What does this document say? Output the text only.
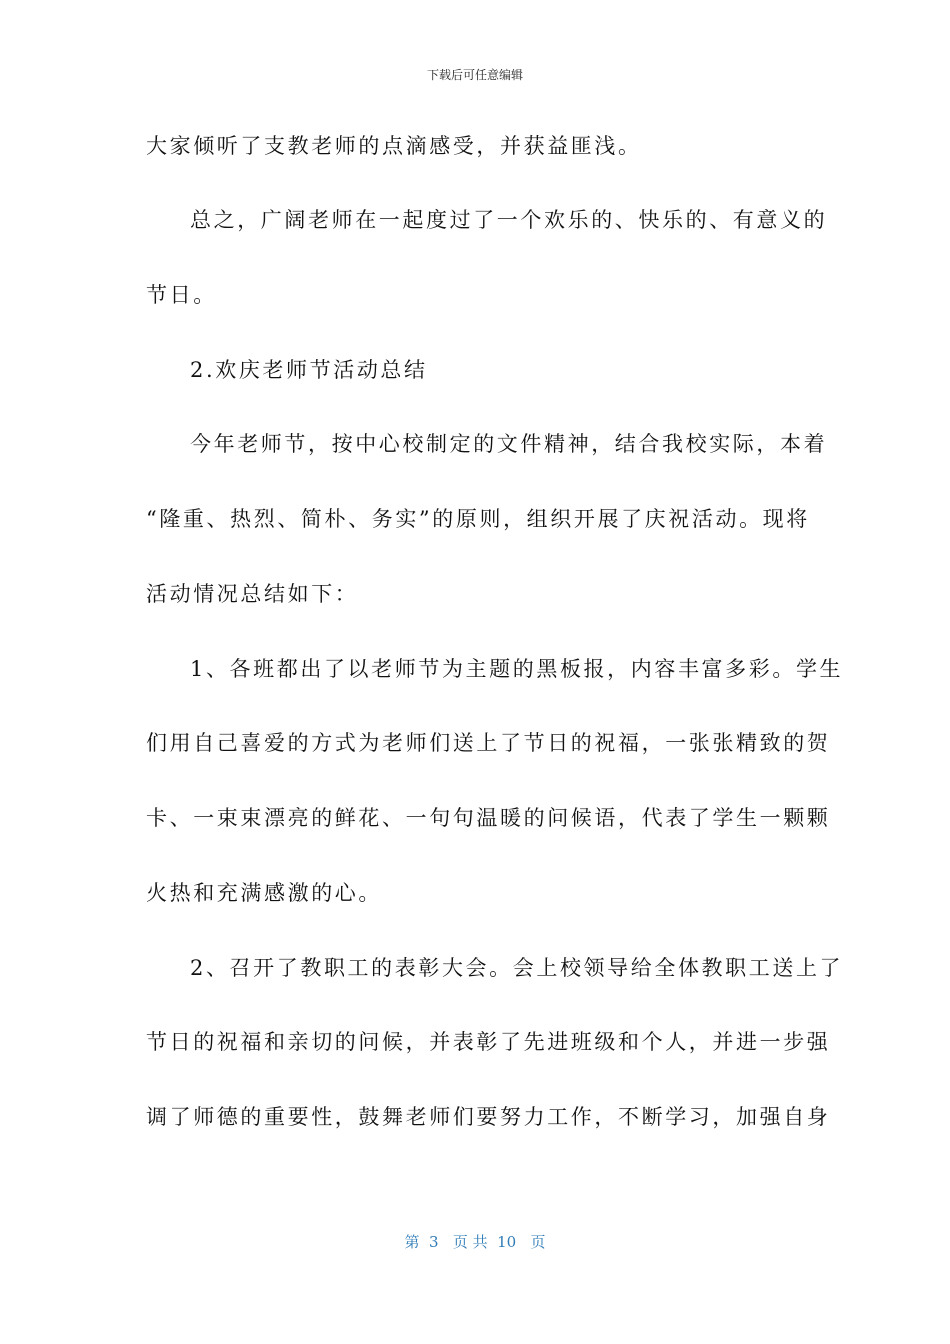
下载后可任意编辑
大家倾听了支教老师的点滴感受，并获益匪浅。
总之，广阔老师在一起度过了一个欢乐的、快乐的、有意义的
节日。
2.欢庆老师节活动总结
今年老师节，按中心校制定的文件精神，结合我校实际，本着
“隆重、热烈、简朴、务实”的原则，组织开展了庆祝活动。现将
活动情况总结如下：
1、各班都出了以老师节为主题的黑板报，内容丰富多彩。学生
们用自己喜爱的方式为老师们送上了节日的祝福，一张张精致的贺
卡、一束束漂亮的鲜花、一句句温暖的问候语，代表了学生一颗颗
火热和充满感激的心。
2、召开了教职工的表彰大会。会上校领导给全体教职工送上了
节日的祝福和亲切的问候，并表彰了先进班级和个人，并进一步强
调了师德的重要性，鼓舞老师们要努力工作，不断学习，加强自身
第  3   页 共  10   页
